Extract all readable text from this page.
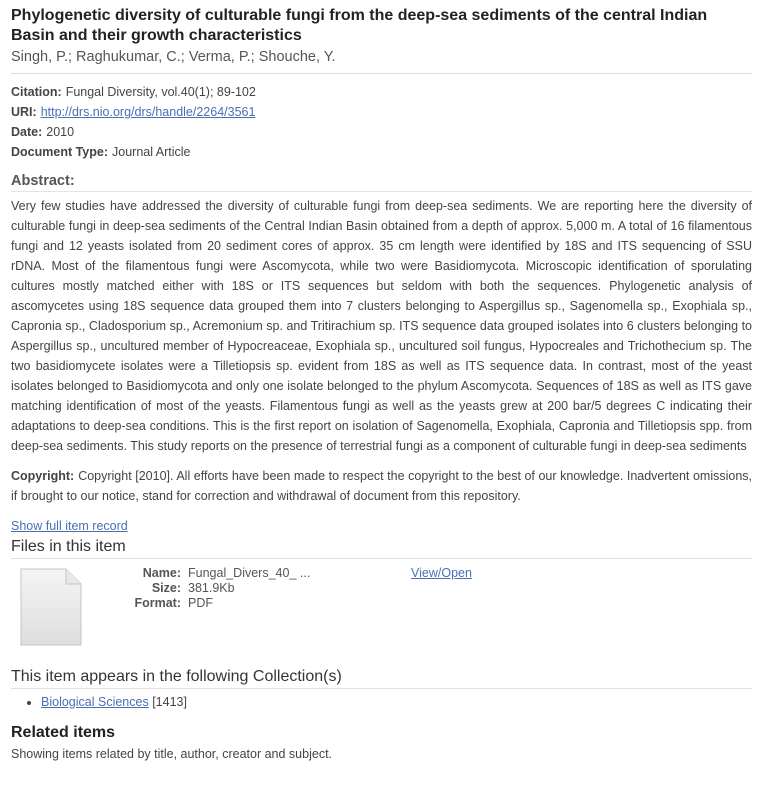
Phylogenetic diversity of culturable fungi from the deep-sea sediments of the central Indian Basin and their growth characteristics
Singh, P.; Raghukumar, C.; Verma, P.; Shouche, Y.
Citation: Fungal Diversity, vol.40(1); 89-102
URI: http://drs.nio.org/drs/handle/2264/3561
Date: 2010
Document Type: Journal Article
Abstract:

Very few studies have addressed the diversity of culturable fungi from deep-sea sediments. We are reporting here the diversity of culturable fungi in deep-sea sediments of the Central Indian Basin obtained from a depth of approx. 5,000 m. A total of 16 filamentous fungi and 12 yeasts isolated from 20 sediment cores of approx. 35 cm length were identified by 18S and ITS sequencing of SSU rDNA. Most of the filamentous fungi were Ascomycota, while two were Basidiomycota. Microscopic identification of sporulating cultures mostly matched either with 18S or ITS sequences but seldom with both the sequences. Phylogenetic analysis of ascomycetes using 18S sequence data grouped them into 7 clusters belonging to Aspergillus sp., Sagenomella sp., Exophiala sp., Capronia sp., Cladosporium sp., Acremonium sp. and Tritirachium sp. ITS sequence data grouped isolates into 6 clusters belonging to Aspergillus sp., uncultured member of Hypocreaceae, Exophiala sp., uncultured soil fungus, Hypocreales and Trichothecium sp. The two basidiomycete isolates were a Tilletiopsis sp. evident from 18S as well as ITS sequence data. In contrast, most of the yeast isolates belonged to Basidiomycota and only one isolate belonged to the phylum Ascomycota. Sequences of 18S as well as ITS gave matching identification of most of the yeasts. Filamentous fungi as well as the yeasts grew at 200 bar/5 degrees C indicating their adaptations to deep-sea conditions. This is the first report on isolation of Sagenomella, Exophiala, Capronia and Tilletiopsis spp. from deep-sea sediments. This study reports on the presence of terrestrial fungi as a component of culturable fungi in deep-sea sediments

Copyright: Copyright [2010]. All efforts have been made to respect the copyright to the best of our knowledge. Inadvertent omissions, if brought to our notice, stand for correction and withdrawal of document from this repository.
Show full item record
Files in this item
Name: Fungal_Divers_40_ ...
Size: 381.9Kb
Format: PDF
View/Open
This item appears in the following Collection(s)
• Biological Sciences [1413]
Related items
Showing items related by title, author, creator and subject.
